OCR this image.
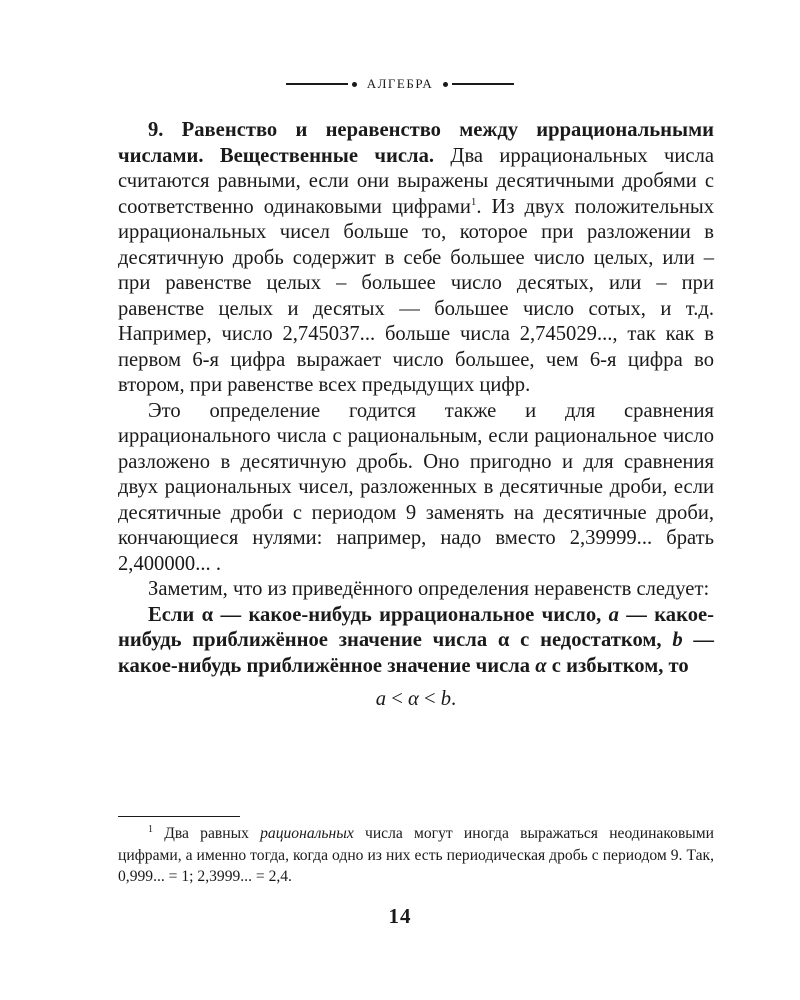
АЛГЕБРА

9. Равенство и неравенство между иррациональными числами. Вещественные числа. Два иррациональных числа считаются равными, если они выражены десятичными дробями с соответственно одинаковыми цифрами$^1$. Из двух положительных иррациональных чисел больше то, которое при разложении в десятичную дробь содержит в себе большее число целых, или – при равенстве целых – большее число десятых, или – при равенстве целых и десятых — большее число сотых, и т.д. Например, число 2,745037... больше числа 2,745029..., так как в первом 6-я цифра выражает число большее, чем 6-я цифра во втором, при равенстве всех предыдущих цифр.

Это определение годится также и для сравнения иррационального числа с рациональным, если рациональное число разложено в десятичную дробь. Оно пригодно и для сравнения двух рациональных чисел, разложенных в десятичные дроби, если десятичные дроби с периодом 9 заменять на десятичные дроби, кончающиеся нулями: например, надо вместо 2,39999... брать 2,400000... .

Заметим, что из приведённого определения неравенств следует:

Если α — какое-нибудь иррациональное число, a — какое-нибудь приближённое значение числа α с недостатком, b — какое-нибудь приближённое значение числа α с избытком, то

a < α < b.
$^1$ Два равных рациональных числа могут иногда выражаться неодинаковыми цифрами, а именно тогда, когда одно из них есть периодическая дробь с периодом 9. Так, 0,999... = 1; 2,3999... = 2,4.
14
